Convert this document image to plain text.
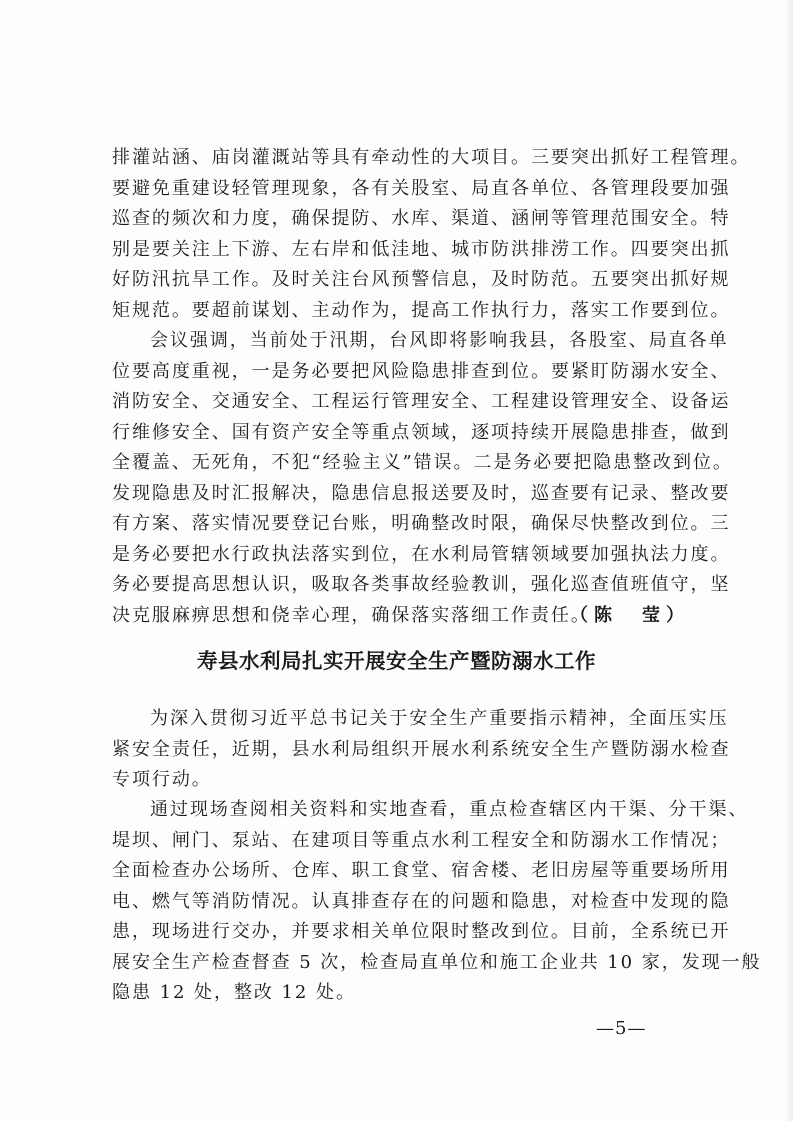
排灌站涵、庙岗灌溉站等具有牵动性的大项目。三要突出抓好工程管理。
要避免重建设轻管理现象，各有关股室、局直各单位、各管理段要加强
巡查的频次和力度，确保提防、水库、渠道、涵闸等管理范围安全。特
别是要关注上下游、左右岸和低洼地、城市防洪排涝工作。四要突出抓
好防汛抗旱工作。及时关注台风预警信息，及时防范。五要突出抓好规
矩规范。要超前谋划、主动作为，提高工作执行力，落实工作要到位。
会议强调，当前处于汛期，台风即将影响我县，各股室、局直各单
位要高度重视，一是务必要把风险隐患排查到位。要紧盯防溺水安全、
消防安全、交通安全、工程运行管理安全、工程建设管理安全、设备运
行维修安全、国有资产安全等重点领域，逐项持续开展隐患排查，做到
全覆盖、无死角，不犯“经验主义”错误。二是务必要把隐患整改到位。
发现隐患及时汇报解决，隐患信息报送要及时，巡查要有记录、整改要
有方案、落实情况要登记台账，明确整改时限，确保尽快整改到位。三
是务必要把水行政执法落实到位，在水利局管辖领域要加强执法力度。
务必要提高思想认识，吸取各类事故经验教训，强化巡查值班值守，坚
决克服麻痹思想和侥幸心理，确保落实落细工作责任。
（陈　莹）
寿县水利局扎实开展安全生产暨防溺水工作
为深入贯彻习近平总书记关于安全生产重要指示精神，全面压实压
紧安全责任，近期，县水利局组织开展水利系统安全生产暨防溺水检查
专项行动。
通过现场查阅相关资料和实地查看，重点检查辖区内干渠、分干渠、
堤坝、闸门、泵站、在建项目等重点水利工程安全和防溺水工作情况；
全面检查办公场所、仓库、职工食堂、宿舍楼、老旧房屋等重要场所用
电、燃气等消防情况。认真排查存在的问题和隐患，对检查中发现的隐
患，现场进行交办，并要求相关单位限时整改到位。目前，全系统已开
展安全生产检查督查 5 次，检查局直单位和施工企业共 10 家，发现一般
隐患 12 处，整改 12 处。
—5—
